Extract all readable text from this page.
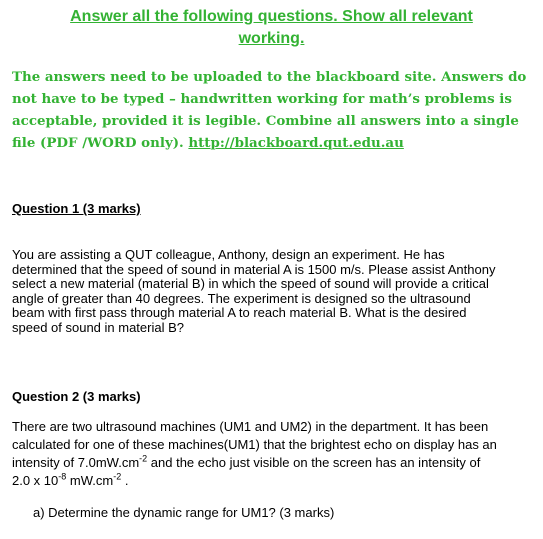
Answer all the following questions. Show all relevant
working.
The answers need to be uploaded to the blackboard site. Answers do
not have to be typed – handwritten working for math’s problems is
acceptable, provided it is legible. Combine all answers into a single
file (PDF /WORD only). http://blackboard.qut.edu.au
Question 1 (3 marks)
You are assisting a QUT colleague, Anthony, design an experiment. He has
determined that the speed of sound in material A is 1500 m/s. Please assist Anthony
select a new material (material B) in which the speed of sound will provide a critical
angle of greater than 40 degrees. The experiment is designed so the ultrasound
beam with first pass through material A to reach material B. What is the desired
speed of sound in material B?
Question 2 (3 marks)
There are two ultrasound machines (UM1 and UM2) in the department. It has been
calculated for one of these machines(UM1) that the brightest echo on display has an
intensity of $7.0mW.cm^{-2}$ and the echo just visible on the screen has an intensity of
2.0 x $10^{-8}$ $mW.cm^{-2}$ .
a) Determine the dynamic range for UM1? (3 marks)
